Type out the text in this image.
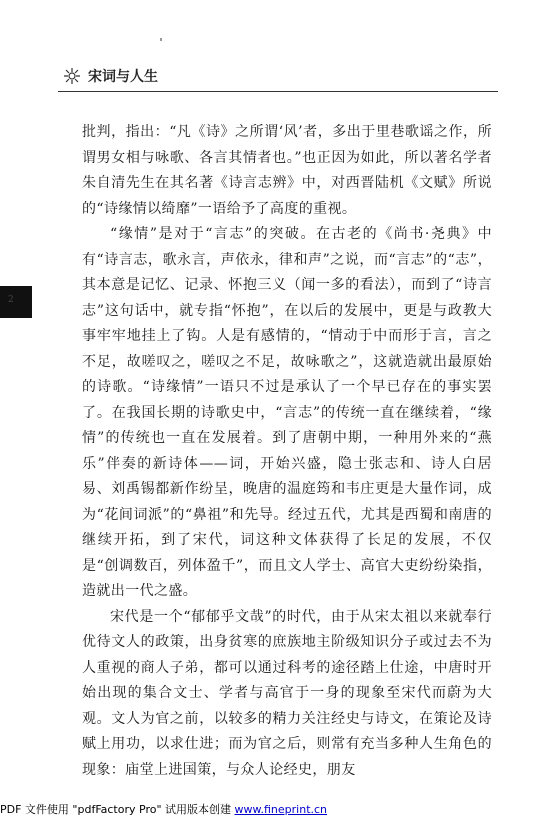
宋词与人生
2

批判，指出：“凡《诗》之所谓‘风’者，多出于里巷歌谣之作，所谓男女相与咏歌、各言其情者也。”也正因为如此，所以著名学者朱自清先生在其名著《诗言志辨》中，对西晋陆机《文赋》所说的“诗缘情以绮靡”一语给予了高度的重视。

“缘情”是对于“言志”的突破。在古老的《尚书·尧典》中有“诗言志，歌永言，声依永，律和声”之说，而“言志”的“志”，其本意是记忆、记录、怀抱三义（闻一多的看法），而到了“诗言志”这句话中，就专指“怀抱”，在以后的发展中，更是与政教大事牢牢地挂上了钩。人是有感情的，“情动于中而形于言，言之不足，故嗟叹之，嗟叹之不足，故咏歌之”，这就造就出最原始的诗歌。“诗缘情”一语只不过是承认了一个早已存在的事实罢了。在我国长期的诗歌史中，“言志”的传统一直在继续着，“缘情”的传统也一直在发展着。到了唐朝中期，一种用外来的“燕乐”伴奏的新诗体——词，开始兴盛，隐士张志和、诗人白居易、刘禹锡都新作纷呈，晚唐的温庭筠和韦庄更是大量作词，成为“花间词派”的“鼻祖”和先导。经过五代，尤其是西蜀和南唐的继续开拓，到了宋代，词这种文体获得了长足的发展，不仅是“创调数百，列体盈千”，而且文人学士、高官大吏纷纷染指，造就出一代之盛。

宋代是一个“郁郁乎文哉”的时代，由于从宋太祖以来就奉行优待文人的政策，出身贫寒的庶族地主阶级知识分子或过去不为人重视的商人子弟，都可以通过科考的途径踏上仕途，中唐时开始出现的集合文士、学者与高官于一身的现象至宋代而蔚为大观。文人为官之前，以较多的精力关注经史与诗文，在策论及诗赋上用功，以求仕进；而为官之后，则常有充当多种人生角色的现象：庙堂上进国策，与众人论经史，朋友

PDF 文件使用 "pdfFactory Pro" 试用版本创建 www.fineprint.cn
